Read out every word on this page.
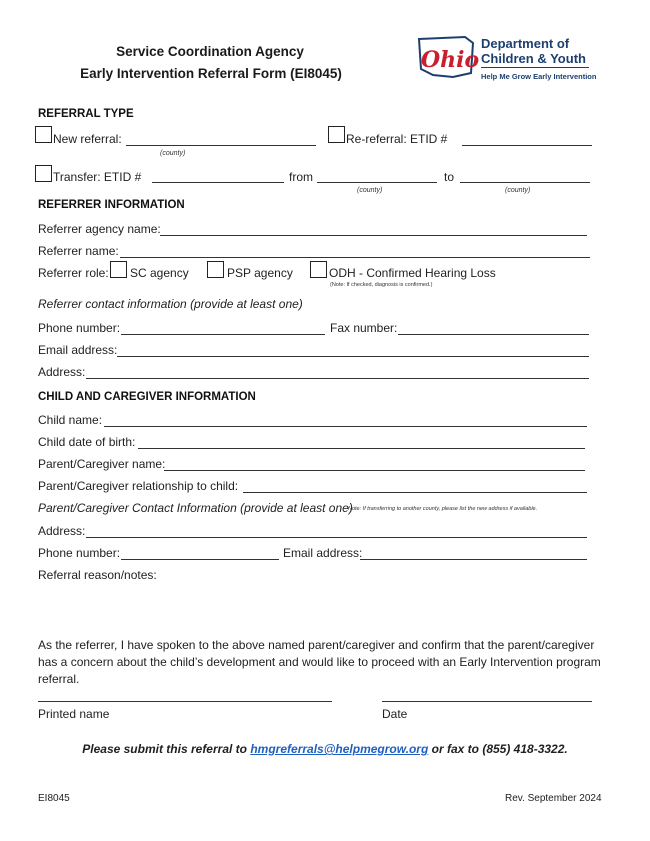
Service Coordination Agency
Early Intervention Referral Form (EI8045)
Ohio
Department of
Children & Youth
Help Me Grow Early Intervention
REFERRAL TYPE
New referral:
(county)
Re-referral: ETID #
Transfer: ETID #	from
(county)
to
(county)
REFERRER INFORMATION
Referrer agency name:
Referrer name:
Referrer role: SC agency	PSP agency	ODH - Confirmed Hearing Loss
(Note: If checked, diagnosis is confirmed.)
Referrer contact information (provide at least one)
Phone number:	Fax number:
Email address:
Address:
CHILD AND CAREGIVER INFORMATION
Child name:
Child date of birth:
Parent/Caregiver name:
Parent/Caregiver relationship to child:
Parent/Caregiver Contact Information (provide at least one)
Note: If transferring to another county, please list the new address if available.
Address:
Phone number:	Email address:
Referral reason/notes:
As the referrer, I have spoken to the above named parent/caregiver and confirm that the parent/caregiver
has a concern about the child’s development and would like to proceed with an Early Intervention program
referral.
Printed name	Date
Please submit this referral to hmgreferrals@helpmegrow.org or fax to (855) 418-3322.
EI8045	Rev. September 2024
